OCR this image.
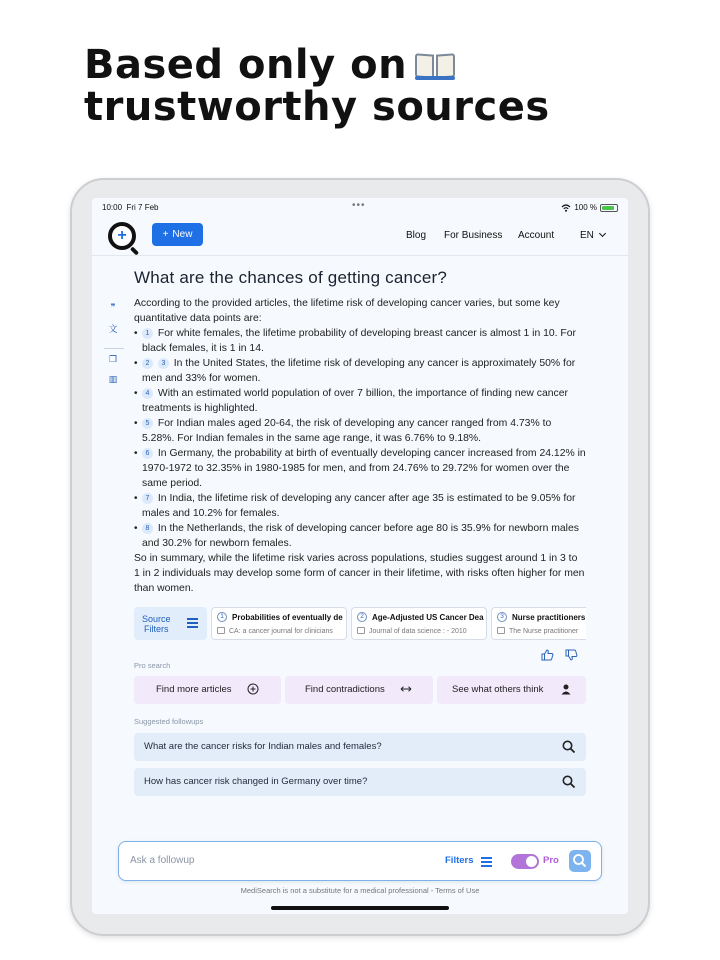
Based only on
trustworthy sources
10:00 Fri 7 Feb	•••	100 %
+	+ New	Blog For Business Account	EN
❞
文
❐
▥
What are the chances of getting cancer?
According to the provided articles, the lifetime risk of developing cancer varies, but some key quantitative data points are:
• 1 For white females, the lifetime probability of developing breast cancer is almost 1 in 10. For black females, it is 1 in 14.
• 2 3 In the United States, the lifetime risk of developing any cancer is approximately 50% for men and 33% for women.
• 4 With an estimated world population of over 7 billion, the importance of finding new cancer treatments is highlighted.
• 5 For Indian males aged 20-64, the risk of developing any cancer ranged from 4.73% to 5.28%. For Indian females in the same age range, it was 6.76% to 9.18%.
• 6 In Germany, the probability at birth of eventually developing cancer increased from 24.12% in 1970-1972 to 32.35% in 1980-1985 for men, and from 24.76% to 29.72% for women over the same period.
• 7 In India, the lifetime risk of developing any cancer after age 35 is estimated to be 9.05% for males and 10.2% for females.
• 8 In the Netherlands, the risk of developing cancer before age 80 is 35.9% for newborn males and 30.2% for newborn females.
So in summary, while the lifetime risk varies across populations, studies suggest around 1 in 3 to 1 in 2 individuals may develop some form of cancer in their lifetime, with risks often higher for men than women.
Source
Filters
1	Probabilities of eventually de
CA: a cancer journal for clinicians
2	Age-Adjusted US Cancer Dea
Journal of data science : - 2010
3	Nurse practitioners
The Nurse practitioner
Pro search
Find more articles	Find contradictions	See what others think
Suggested followups
What are the cancer risks for Indian males and females?
How has cancer risk changed in Germany over time?
Ask a followup	Filters	Pro
MediSearch is not a substitute for a medical professional - Terms of Use
